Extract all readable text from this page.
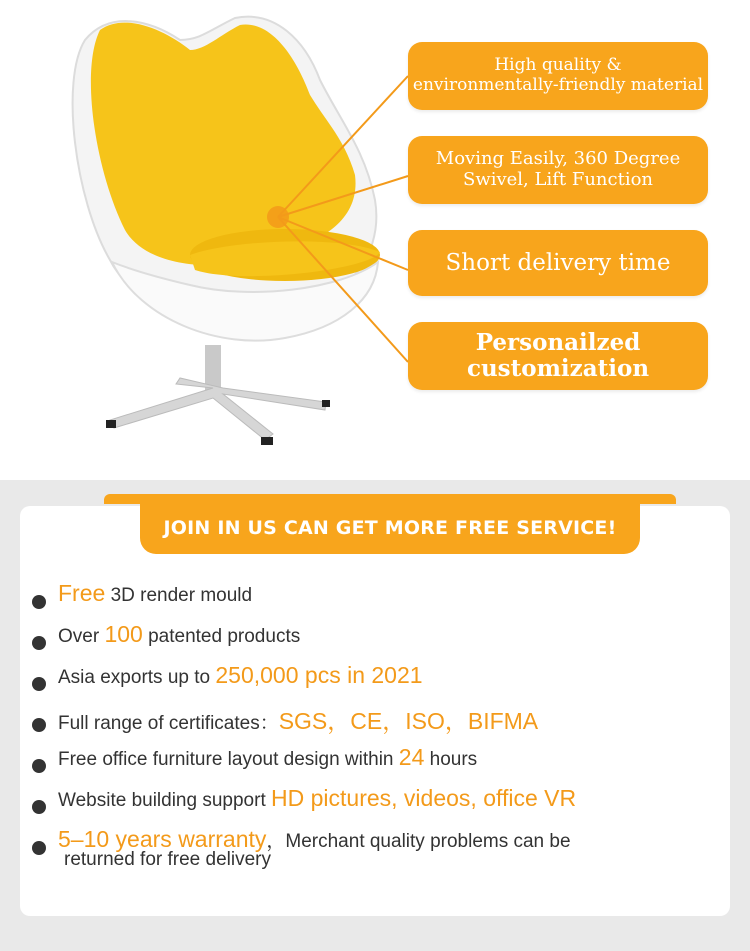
High quality &
environmentally-friendly material
Moving Easily, 360 Degree
Swivel, Lift Function
Short delivery time
Personailzed
customization
JOIN IN US CAN GET MORE FREE SERVICE!
Free 3D render mould
Over 100 patented products
Asia exports up to 250,000 pcs in 2021
Full range of certificates：SGS，CE，ISO，BIFMA
Free office furniture layout design within 24 hours
Website building support HD pictures, videos, office VR
5–10 years warranty，Merchant quality problems can be
returned for free delivery
